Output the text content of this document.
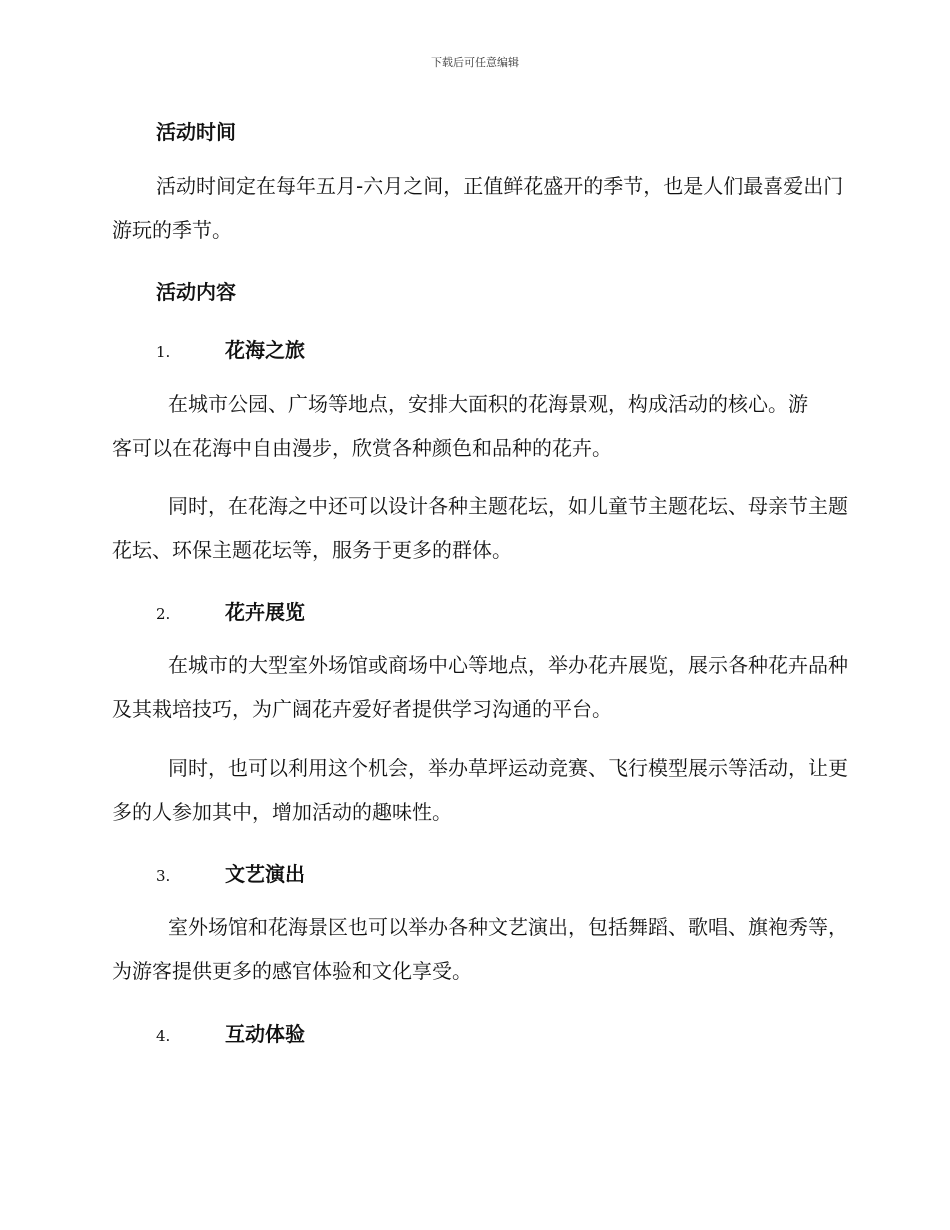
下载后可任意编辑
活动时间

活动时间定在每年五月-六月之间，正值鲜花盛开的季节，也是人们最喜爱出门游玩的季节。

活动内容
1.	花海之旅

在城市公园、广场等地点，安排大面积的花海景观，构成活动的核心。游客可以在花海中自由漫步，欣赏各种颜色和品种的花卉。

同时，在花海之中还可以设计各种主题花坛，如儿童节主题花坛、母亲节主题花坛、环保主题花坛等，服务于更多的群体。

2.	花卉展览

在城市的大型室外场馆或商场中心等地点，举办花卉展览，展示各种花卉品种及其栽培技巧，为广阔花卉爱好者提供学习沟通的平台。

同时，也可以利用这个机会，举办草坪运动竞赛、飞行模型展示等活动，让更多的人参加其中，增加活动的趣味性。

3.	文艺演出

室外场馆和花海景区也可以举办各种文艺演出，包括舞蹈、歌唱、旗袍秀等，为游客提供更多的感官体验和文化享受。

4.	互动体验
